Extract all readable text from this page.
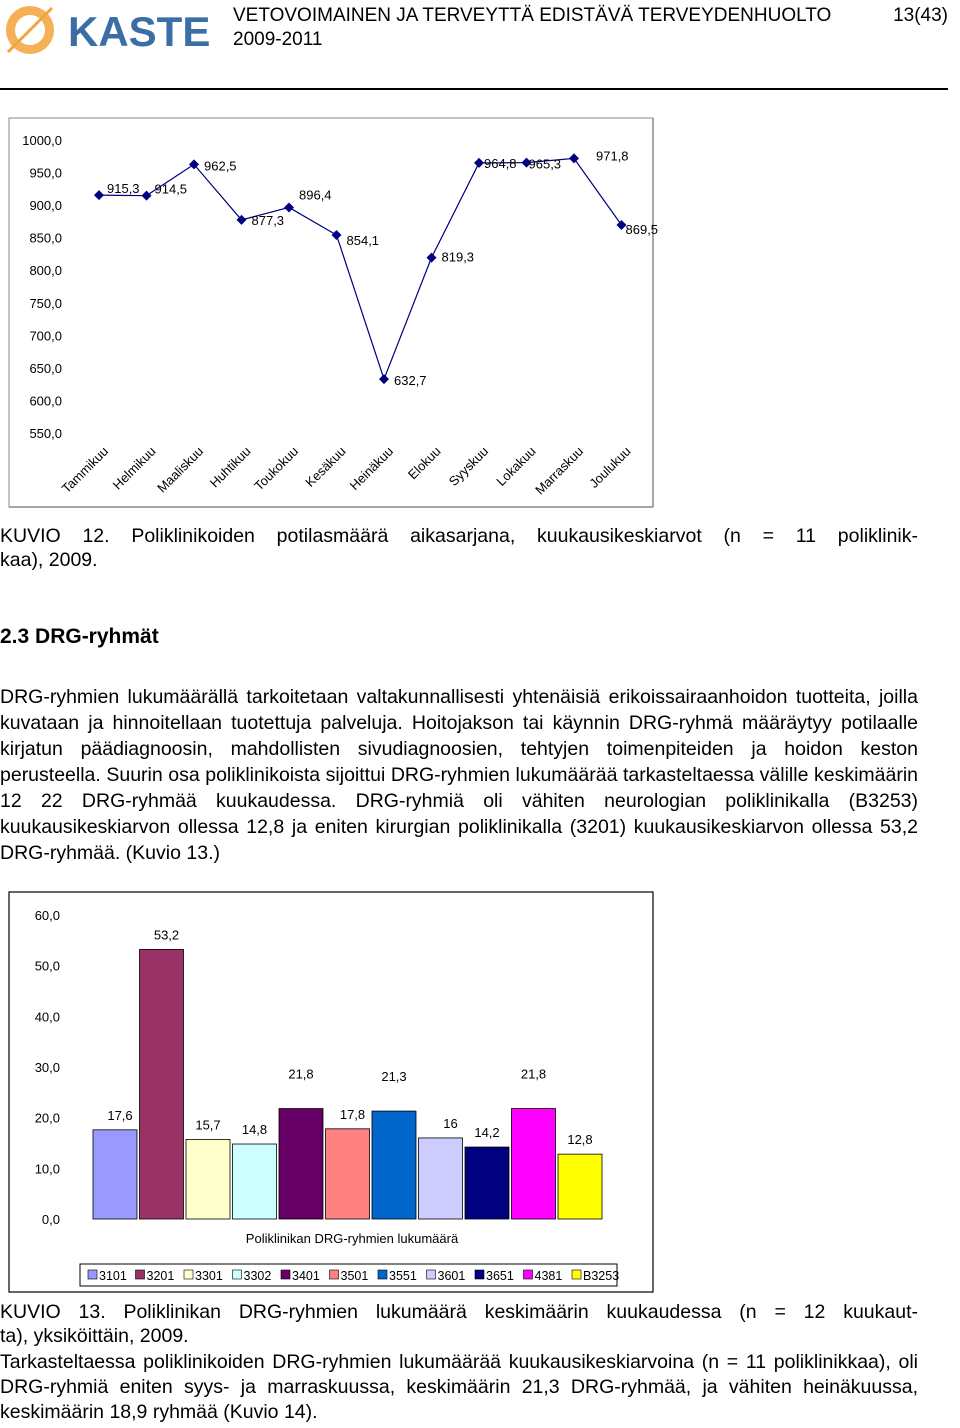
KASTE VETOVOIMAINEN JA TERVEYTTÄ EDISTÄVÄ TERVEYDENHUOLTO
2009-2011
13(43)
550,0
600,0
650,0
700,0
750,0
800,0
850,0
900,0
950,0
1000,0
915,3 914,5
962,5
877,3
896,4
854,1
632,7
819,3
964,8 965,3
971,8
869,5
Tammikuu
Helmikuu
Maaliskuu Huhtikuu
Toukokuu Kesäkuu
Heinäkuu Elokuu Syyskuu Lokakuu
Marraskuu Joulukuu
KUVIO 12. Poliklinikoiden potilasmäärä aikasarjana, kuukausikeskiarvot (n = 11 poliklinik-
kaa), 2009.
2.3 DRG-ryhmät
DRG-ryhmien lukumäärällä tarkoitetaan valtakunnallisesti yhtenäisiä erikoissairaanhoidon tuotteita, joilla kuvataan ja hinnoitellaan tuotettuja palveluja. Hoitojakson tai käynnin DRG-ryhmä määräytyy potilaalle kirjatun päädiagnoosin, mahdollisten sivudiagnoosien, tehtyjen toimenpiteiden ja hoidon keston perusteella. Suurin osa poliklinikoista sijoittui DRG-ryhmien lukumäärää tarkasteltaessa välille keskimäärin 12 22 DRG-ryhmää kuukaudessa. DRG-ryhmiä oli vähiten neurologian poliklinikalla (B3253) kuukausikeskiarvon ollessa 12,8 ja eniten kirurgian poliklinikalla (3201) kuukausikeskiarvon ollessa 53,2 DRG-ryhmää. (Kuvio 13.)
0,0
10,0
20,0
30,0
40,0
50,0
60,0
17,6
53,2
15,7 14,8
21,8
17,8
21,3
16
14,2
21,8
12,8
Poliklinikan DRG-ryhmien lukumäärä
3101 3201 3301 3302 3401 3501 3551 3601 3651 4381 B3253
KUVIO 13. Poliklinikan DRG-ryhmien lukumäärä keskimäärin kuukaudessa (n = 12 kuukaut-
ta), yksiköittäin, 2009.
Tarkasteltaessa poliklinikoiden DRG-ryhmien lukumäärää kuukausikeskiarvoina (n = 11 poliklinikkaa), oli DRG-ryhmiä eniten syys- ja marraskuussa, keskimäärin 21,3 DRG-ryhmää, ja vähiten heinäkuussa, keskimäärin 18,9 ryhmää (Kuvio 14).
